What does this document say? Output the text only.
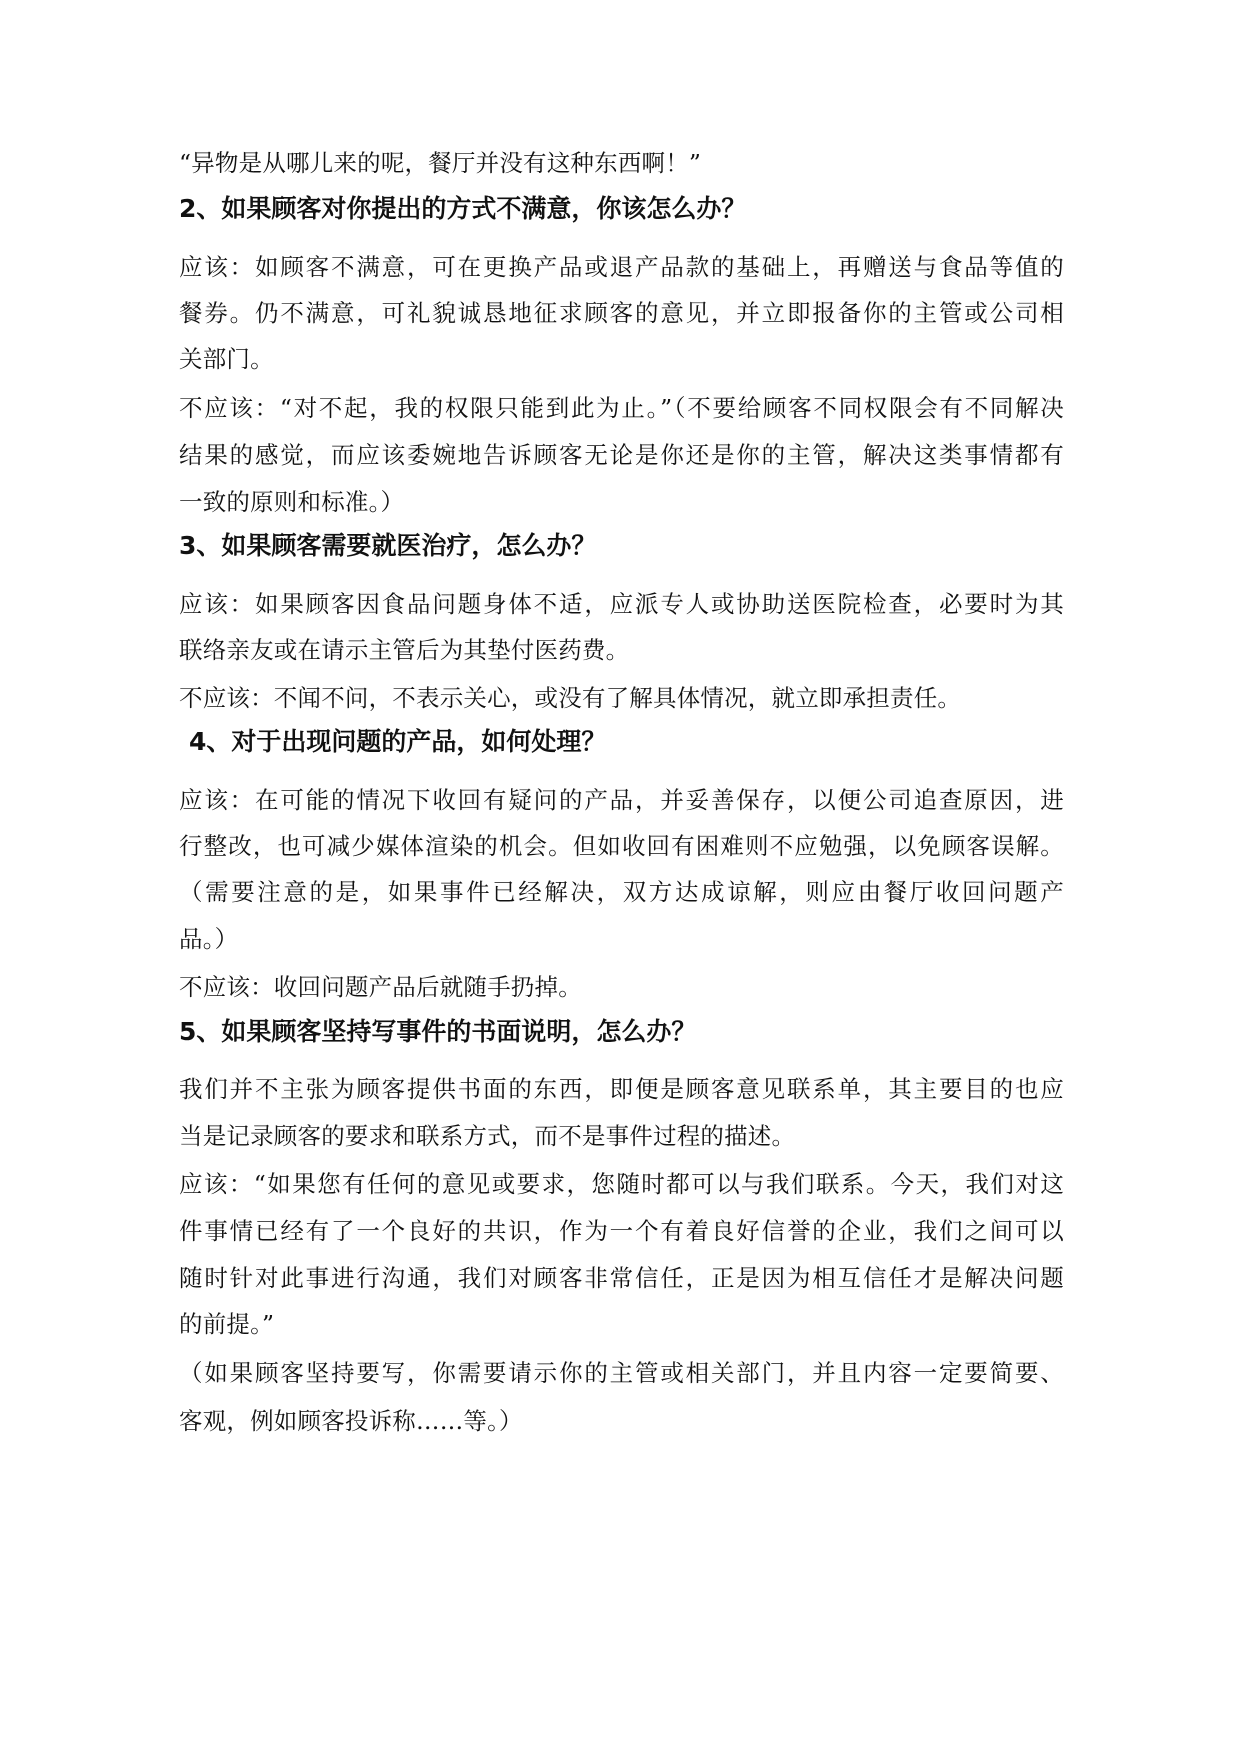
“异物是从哪儿来的呢，餐厅并没有这种东西啊！”
2、如果顾客对你提出的方式不满意，你该怎么办？
应该：如顾客不满意，可在更换产品或退产品款的基础上，再赠送与食品等值的
餐券。仍不满意，可礼貌诚恳地征求顾客的意见，并立即报备你的主管或公司相
关部门。
不应该：“对不起，我的权限只能到此为止。”（不要给顾客不同权限会有不同解决
结果的感觉，而应该委婉地告诉顾客无论是你还是你的主管，解决这类事情都有
一致的原则和标准。）
3、如果顾客需要就医治疗，怎么办？
应该：如果顾客因食品问题身体不适，应派专人或协助送医院检查，必要时为其
联络亲友或在请示主管后为其垫付医药费。
不应该：不闻不问，不表示关心，或没有了解具体情况，就立即承担责任。
4、对于出现问题的产品，如何处理？
应该：在可能的情况下收回有疑问的产品，并妥善保存，以便公司追查原因，进
行整改，也可减少媒体渲染的机会。但如收回有困难则不应勉强，以免顾客误解。
（需要注意的是，如果事件已经解决，双方达成谅解，则应由餐厅收回问题产
品。）
不应该：收回问题产品后就随手扔掉。
5、如果顾客坚持写事件的书面说明，怎么办？
我们并不主张为顾客提供书面的东西，即便是顾客意见联系单，其主要目的也应
当是记录顾客的要求和联系方式，而不是事件过程的描述。
应该：“如果您有任何的意见或要求，您随时都可以与我们联系。今天，我们对这
件事情已经有了一个良好的共识，作为一个有着良好信誉的企业，我们之间可以
随时针对此事进行沟通，我们对顾客非常信任，正是因为相互信任才是解决问题
的前提。”
（如果顾客坚持要写，你需要请示你的主管或相关部门，并且内容一定要简要、
客观，例如顾客投诉称……等。）
